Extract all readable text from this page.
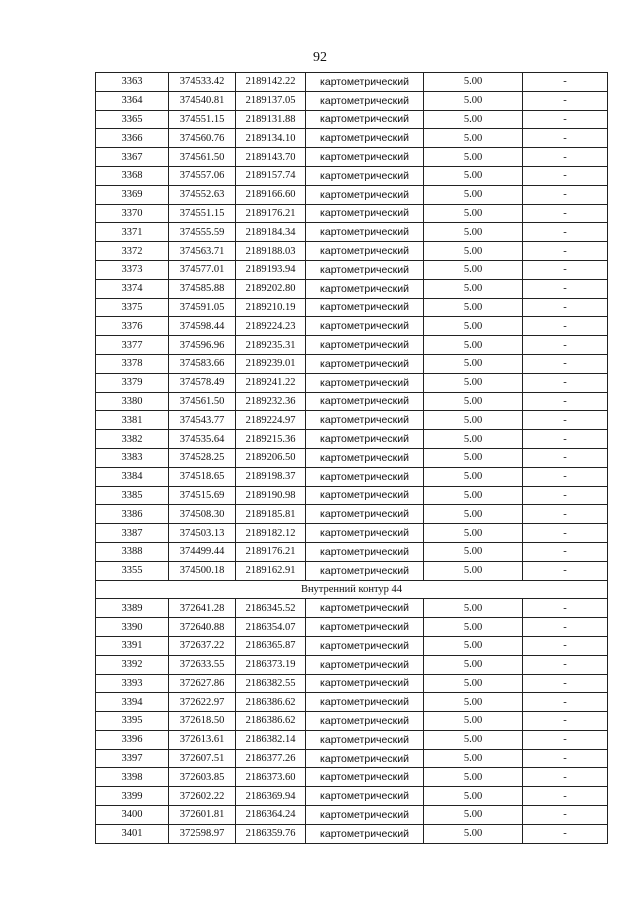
92
3363	374533.42	2189142.22	картометрический	5.00	-
3364	374540.81	2189137.05	картометрический	5.00	-
3365	374551.15	2189131.88	картометрический	5.00	-
3366	374560.76	2189134.10	картометрический	5.00	-
3367	374561.50	2189143.70	картометрический	5.00	-
3368	374557.06	2189157.74	картометрический	5.00	-
3369	374552.63	2189166.60	картометрический	5.00	-
3370	374551.15	2189176.21	картометрический	5.00	-
3371	374555.59	2189184.34	картометрический	5.00	-
3372	374563.71	2189188.03	картометрический	5.00	-
3373	374577.01	2189193.94	картометрический	5.00	-
3374	374585.88	2189202.80	картометрический	5.00	-
3375	374591.05	2189210.19	картометрический	5.00	-
3376	374598.44	2189224.23	картометрический	5.00	-
3377	374596.96	2189235.31	картометрический	5.00	-
3378	374583.66	2189239.01	картометрический	5.00	-
3379	374578.49	2189241.22	картометрический	5.00	-
3380	374561.50	2189232.36	картометрический	5.00	-
3381	374543.77	2189224.97	картометрический	5.00	-
3382	374535.64	2189215.36	картометрический	5.00	-
3383	374528.25	2189206.50	картометрический	5.00	-
3384	374518.65	2189198.37	картометрический	5.00	-
3385	374515.69	2189190.98	картометрический	5.00	-
3386	374508.30	2189185.81	картометрический	5.00	-
3387	374503.13	2189182.12	картометрический	5.00	-
3388	374499.44	2189176.21	картометрический	5.00	-
3355	374500.18	2189162.91	картометрический	5.00	-
Внутренний контур 44					
3389	372641.28	2186345.52	картометрический	5.00	-
3390	372640.88	2186354.07	картометрический	5.00	-
3391	372637.22	2186365.87	картометрический	5.00	-
3392	372633.55	2186373.19	картометрический	5.00	-
3393	372627.86	2186382.55	картометрический	5.00	-
3394	372622.97	2186386.62	картометрический	5.00	-
3395	372618.50	2186386.62	картометрический	5.00	-
3396	372613.61	2186382.14	картометрический	5.00	-
3397	372607.51	2186377.26	картометрический	5.00	-
3398	372603.85	2186373.60	картометрический	5.00	-
3399	372602.22	2186369.94	картометрический	5.00	-
3400	372601.81	2186364.24	картометрический	5.00	-
3401	372598.97	2186359.76	картометрический	5.00	-
